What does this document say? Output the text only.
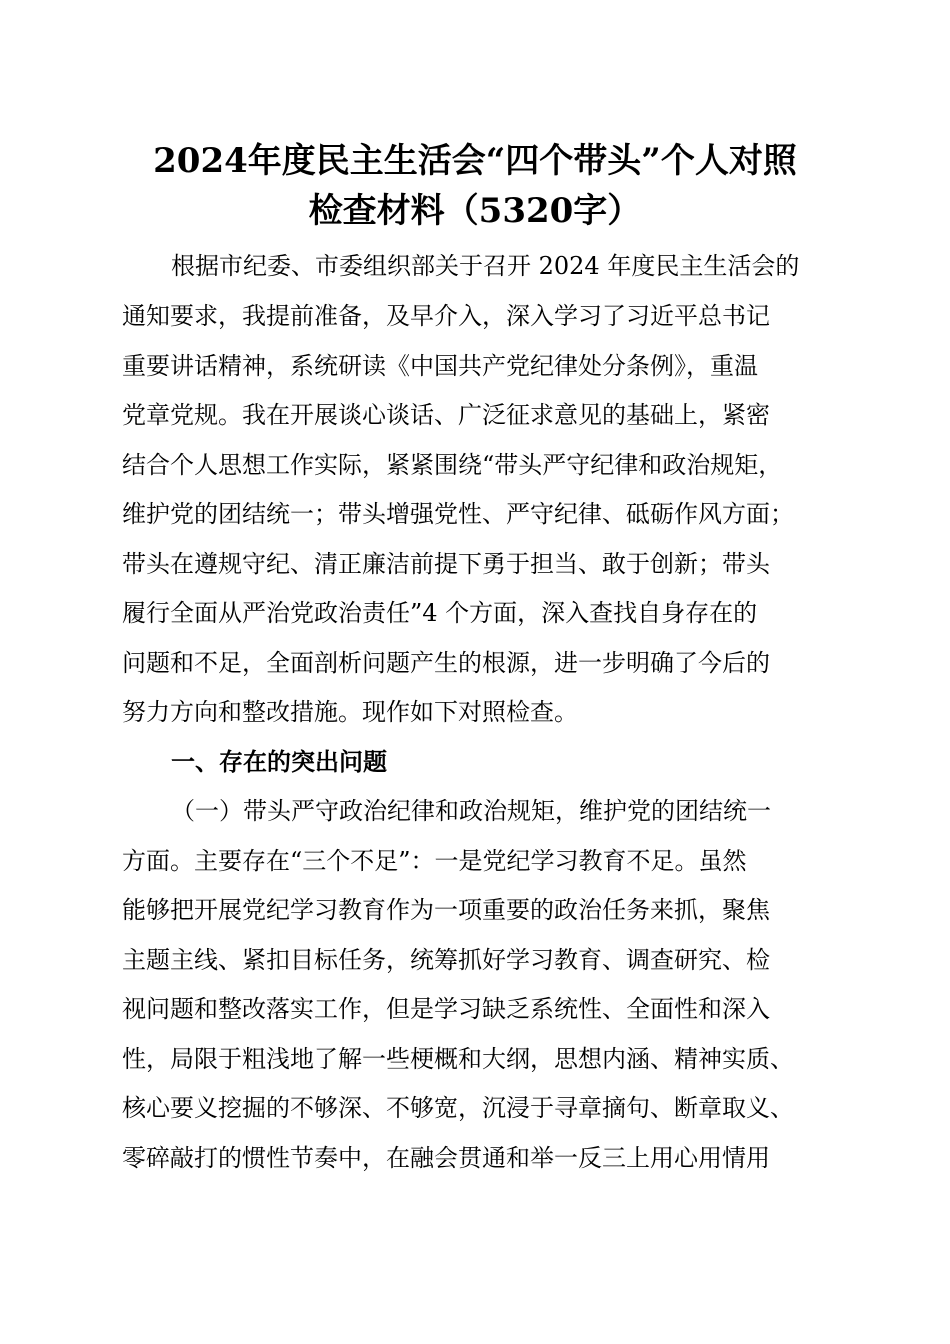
2024年度民主生活会“四个带头”个人对照
检查材料（5320字）

根据市纪委、市委组织部关于召开 2024 年度民主生活会的

通知要求，我提前准备，及早介入，深入学习了习近平总书记

重要讲话精神，系统研读《中国共产党纪律处分条例》，重温

党章党规。我在开展谈心谈话、广泛征求意见的基础上，紧密

结合个人思想工作实际，紧紧围绕“带头严守纪律和政治规矩，

维护党的团结统一；带头增强党性、严守纪律、砥砺作风方面；

带头在遵规守纪、清正廉洁前提下勇于担当、敢于创新；带头

履行全面从严治党政治责任”4 个方面，深入查找自身存在的

问题和不足，全面剖析问题产生的根源，进一步明确了今后的

努力方向和整改措施。现作如下对照检查。

一、存在的突出问题

（一）带头严守政治纪律和政治规矩，维护党的团结统一

方面。主要存在“三个不足”：一是党纪学习教育不足。虽然

能够把开展党纪学习教育作为一项重要的政治任务来抓，聚焦

主题主线、紧扣目标任务，统筹抓好学习教育、调查研究、检

视问题和整改落实工作，但是学习缺乏系统性、全面性和深入

性，局限于粗浅地了解一些梗概和大纲，思想内涵、精神实质、

核心要义挖掘的不够深、不够宽，沉浸于寻章摘句、断章取义、

零碎敲打的惯性节奏中，在融会贯通和举一反三上用心用情用
